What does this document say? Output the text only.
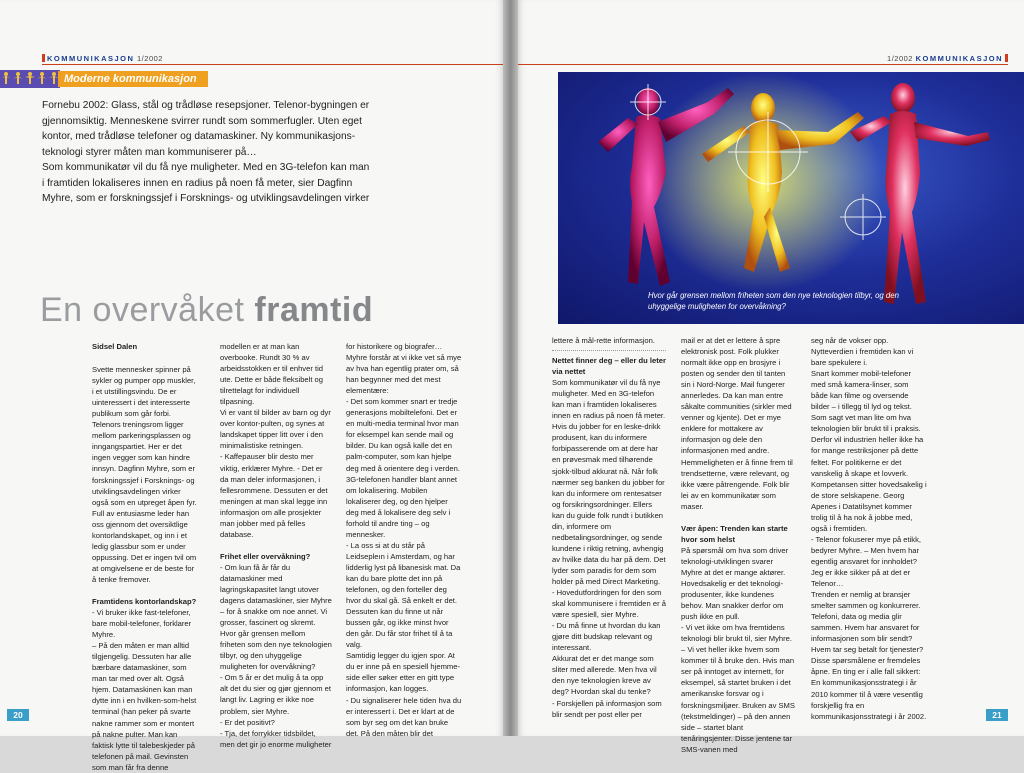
KOMMUNIKASJON 1/2002
Moderne kommunikasjon

Fornebu 2002: Glass, stål og trådløse resepsjoner. Telenor-bygningen er gjennomsiktig. Menneskene svirrer rundt som sommerfugler. Uten eget kontor, med trådløse telefoner og datamaskiner. Ny kommunikasjons-teknologi styrer måten man kommuniserer på…

Som kommunikatør vil du få nye muligheter. Med en 3G-telefon kan man i framtiden lokaliseres innen en radius på noen få meter, sier Dagfinn Myhre, som er forskningssjef i Forsknings- og utviklingsavdelingen virker

En overvåket framtid

Sidsel Dalen

Svette mennesker spinner på sykler og pumper opp muskler, i et utstillingsvindu. De er uinteressert i det interesserte publikum som går forbi. Telenors treningsrom ligger mellom parkeringsplassen og inngangspartiet. Her er det ingen vegger som kan hindre innsyn. Dagfinn Myhre, som er forskningssjef i Forsknings- og utviklingsavdelingen virker også som en utpreget åpen fyr. Full av entusiasme leder han oss gjennom det oversiktlige kontorlandskapet, og inn i et ledig glassbur som er under oppussing. Det er ingen tvil om at omgivelsene er de beste for å tenke fremover.

Framtidens kontorlandskap?

- Vi bruker ikke fast-telefoner, bare mobil-telefoner, forklarer Myhre.

– På den måten er man alltid tilgjengelig. Dessuten har alle bærbare datamaskiner, som man tar med over alt. Også hjem. Datamaskinen kan man dytte inn i en hvilken-som-helst terminal (han peker på svarte nakne rammer som er montert på nakne pulter. Man kan faktisk lytte til talebeskjeder på telefonen på mail. Gevinsten som man får fra denne

modellen er at man kan overbooke. Rundt 30 % av arbeidsstokken er til enhver tid ute. Dette er både fleksibelt og tilrettelagt for individuell tilpasning.

Vi er vant til bilder av barn og dyr over kontor-pulten, og synes at landskapet tipper litt over i den minimalistiske retningen.

- Kaffepauser blir desto mer viktig, erklærer Myhre. - Det er da man deler informasjonen, i fellesrommene. Dessuten er det meningen at man skal legge inn informasjon om alle prosjekter man jobber med på felles database.

Frihet eller overvåkning?

- Om kun få år får du datamaskiner med lagringskapasitet langt utover dagens datamaskiner, sier Myhre – for å snakke om noe annet. Vi grosser, fascinert og skremt. Hvor går grensen mellom friheten som den nye teknologien tilbyr, og den uhyggelige muligheten for overvåkning?

- Om 5 år er det mulig å ta opp alt det du sier og gjør gjennom et langt liv. Lagring er ikke noe problem, sier Myhre.

- Er det positivt?

- Tja, det forrykker tidsbildet, men det gir jo enorme muligheter

for historikere og biografer… Myhre forstår at vi ikke vet så mye av hva han egentlig prater om, så han begynner med det mest elementære:

- Det som kommer snart er tredje generasjons mobiltelefoni. Det er en multi-media terminal hvor man for eksempel kan sende mail og bilder. Du kan også kalle det en palm-computer, som kan hjelpe deg med å orientere deg i verden.

3G-telefonen handler blant annet om lokalisering. Mobilen lokaliserer deg, og den hjelper deg med å lokalisere deg selv i forhold til andre ting – og mennesker.

- La oss si at du står på Leidsepleın i Amsterdam, og har lidderlig lyst på libanesisk mat. Da kan du bare plotte det inn på telefonen, og den forteller deg hvor du skal gå. Så enkelt er det. Dessuten kan du finne ut når bussen går, og ikke minst hvor den går. Du får stor frihet til å ta valg.

Samtidig legger du igjen spor. At du er inne på en spesiell hjemme-side eller søker etter en gitt type informasjon, kan logges.

- Du signaliserer hele tiden hva du er interessert i. Det er klart at de som byr seg om det kan bruke det. På den måten blir det

20
1/2002 KOMMUNIKASJON
Hvor går grensen mellom friheten som den nye teknologien tilbyr, og den uhyggelige muligheten for overvåkning?

lettere å mål-rette informasjon.

Nettet finner deg – eller du leter via nettet

Som kommunikatør vil du få nye muligheter. Med en 3G-telefon kan man i framtiden lokaliseres innen en radius på noen få meter. Hvis du jobber for en leske-drikk produsent, kan du informere forbipasserende om at dere har en prøvesmak med tilhørende sjokk-tilbud akkurat nå. Når folk nærmer seg banken du jobber for kan du informere om rentesatser og forsikringsordninger. Ellers kan du guide folk rundt i butikken din, informere om nedbetalingsordninger, og sende kundene i riktig retning, avhengig av hvilke data du har på dem. Det lyder som paradis for dem som holder på med Direct Marketing.

- Hovedutfordringen for den som skal kommunisere i fremtiden er å være spesiell, sier Myhre.

- Du må finne ut hvordan du kan gjøre ditt budskap relevant og interessant.

Akkurat det er det mange som sliter med allerede. Men hva vil den nye teknologien kreve av deg? Hvordan skal du tenke?

- Forskjellen på informasjon som blir sendt per post eller per

mail er at det er lettere å spre elektronisk post. Folk plukker normalt ikke opp en brosjyre i posten og sender den til tanten sin i Nord-Norge. Mail fungerer annerledes. Da kan man entre såkalte communities (sirkler med venner og kjente). Det er mye enklere for mottakere av informasjon og dele den informasjonen med andre. Hemmeligheten er å finne frem til trendsetterne, være relevant, og ikke være påtrengende. Folk blir lei av en kommunikatør som maser.

Vær åpen: Trenden kan starte hvor som helst

På spørsmål om hva som driver teknologi-utviklingen svarer Myhre at det er mange aktører. Hovedsakelig er det teknologi-produsenter, ikke kundenes behov. Man snakker derfor om push ikke en pull.

- Vi vet ikke om hva fremtidens teknologi blir brukt til, sier Myhre.

– Vi vet heller ikke hvem som kommer til å bruke den. Hvis man ser på inntoget av internett, for eksempel, så startet bruken i det amerikanske forsvar og i forskningsmiljøer. Bruken av SMS (tekstmeldinger) – på den annen side – startet blant tenåringsjenter. Disse jentene tar SMS-vanen med

seg når de vokser opp. Nytteverdien i fremtiden kan vi bare spekulere i.

Snart kommer mobil-telefoner med små kamera-linser, som både kan filme og oversende bilder – i tillegg til lyd og tekst. Som sagt vet man lite om hva teknologien blir brukt til i praksis. Derfor vil industrien heller ikke ha for mange restriksjoner på dette feltet. For politikerne er det vanskelig å skape et lovverk. Kompetansen sitter hovedsakelig i de store selskapene. Georg Apenes i Datatilsynet kommer trolig til å ha nok å jobbe med, også i fremtiden.

- Telenor fokuserer mye på etikk, bedyrer Myhre. – Men hvem har egentlig ansvaret for innholdet? Jeg er ikke sikker på at det er Telenor…

Trenden er nemlig at bransjer smelter sammen og konkurrerer. Telefoni, data og media glir sammen. Hvem har ansvaret for informasjonen som blir sendt? Hvem tar seg betalt for tjenester? Disse spørsmålene er fremdeles åpne. En ting er i alle fall sikkert: En kommunikasjonsstrategi i år 2010 kommer til å være vesentlig forskjellig fra en kommunikasjonsstrategi i år 2002.	21
